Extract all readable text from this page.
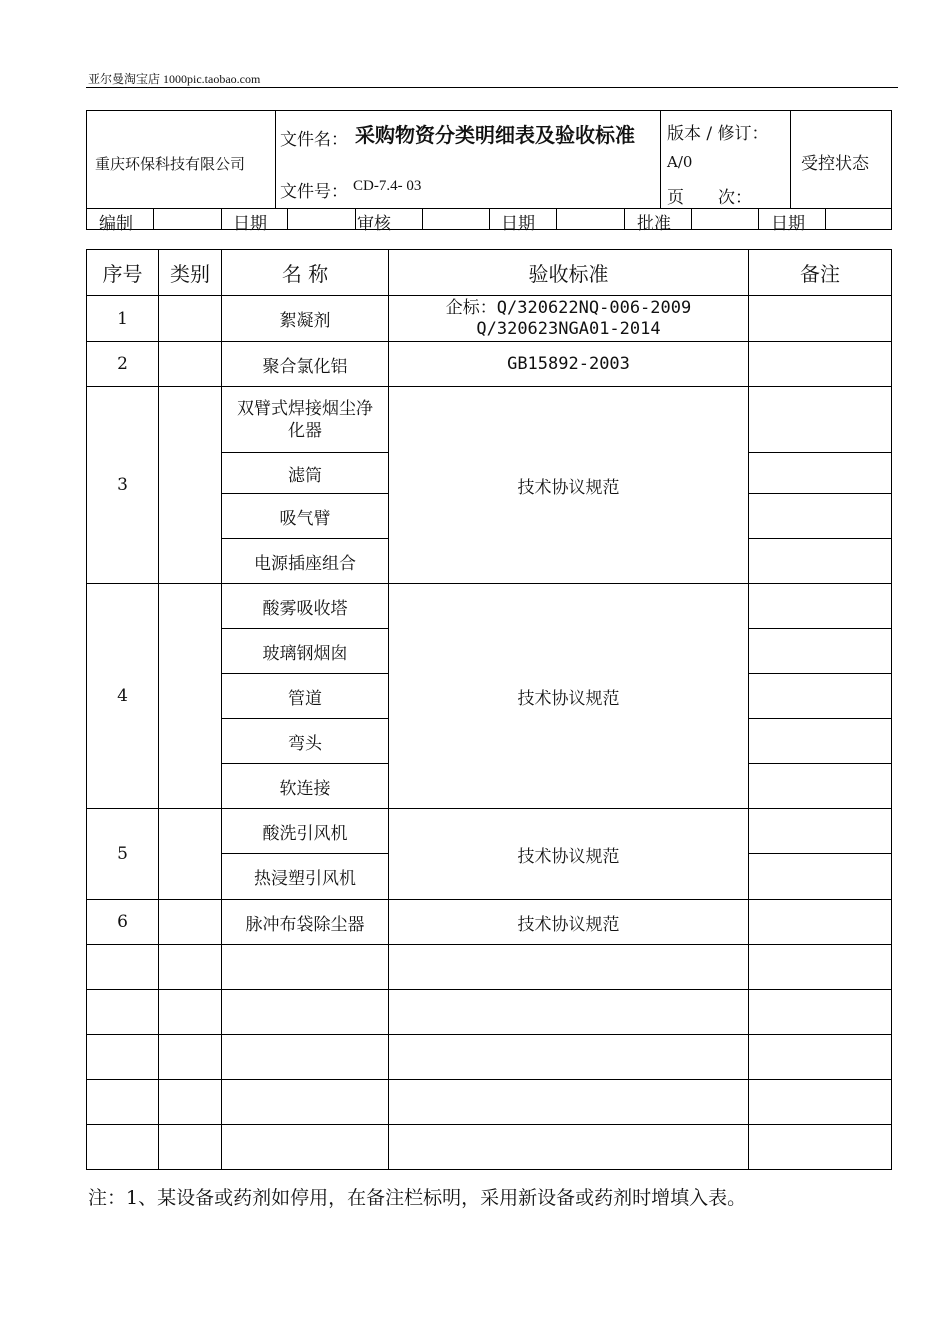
亚尔曼淘宝店 1000pic.taobao.com
重庆环保科技有限公司
文件名： 采购物资分类明细表及验收标准
文件号： CD-7.4- 03
版本 / 修订：
A/0
页　　次：
受控状态
编制	日期	审核	日期	批准	日期
序号	类别	名 称	验收标准	备注
1		絮凝剂	企标：Q/320622NQ-006-2009
Q/320623NGA01-2014	

2		聚合氯化铝	GB15892-2003	
3		双臂式焊接烟尘净化器	技术协议规范	
		滤筒		
		吸气臂		
		电源插座组合		
4		酸雾吸收塔	技术协议规范	
		玻璃钢烟囱		
		管道		
		弯头		
		软连接		
5		酸洗引风机	技术协议规范	
		热浸塑引风机		
6		脉冲布袋除尘器	技术协议规范	

注：1、某设备或药剂如停用，在备注栏标明，采用新设备或药剂时增填入表。
